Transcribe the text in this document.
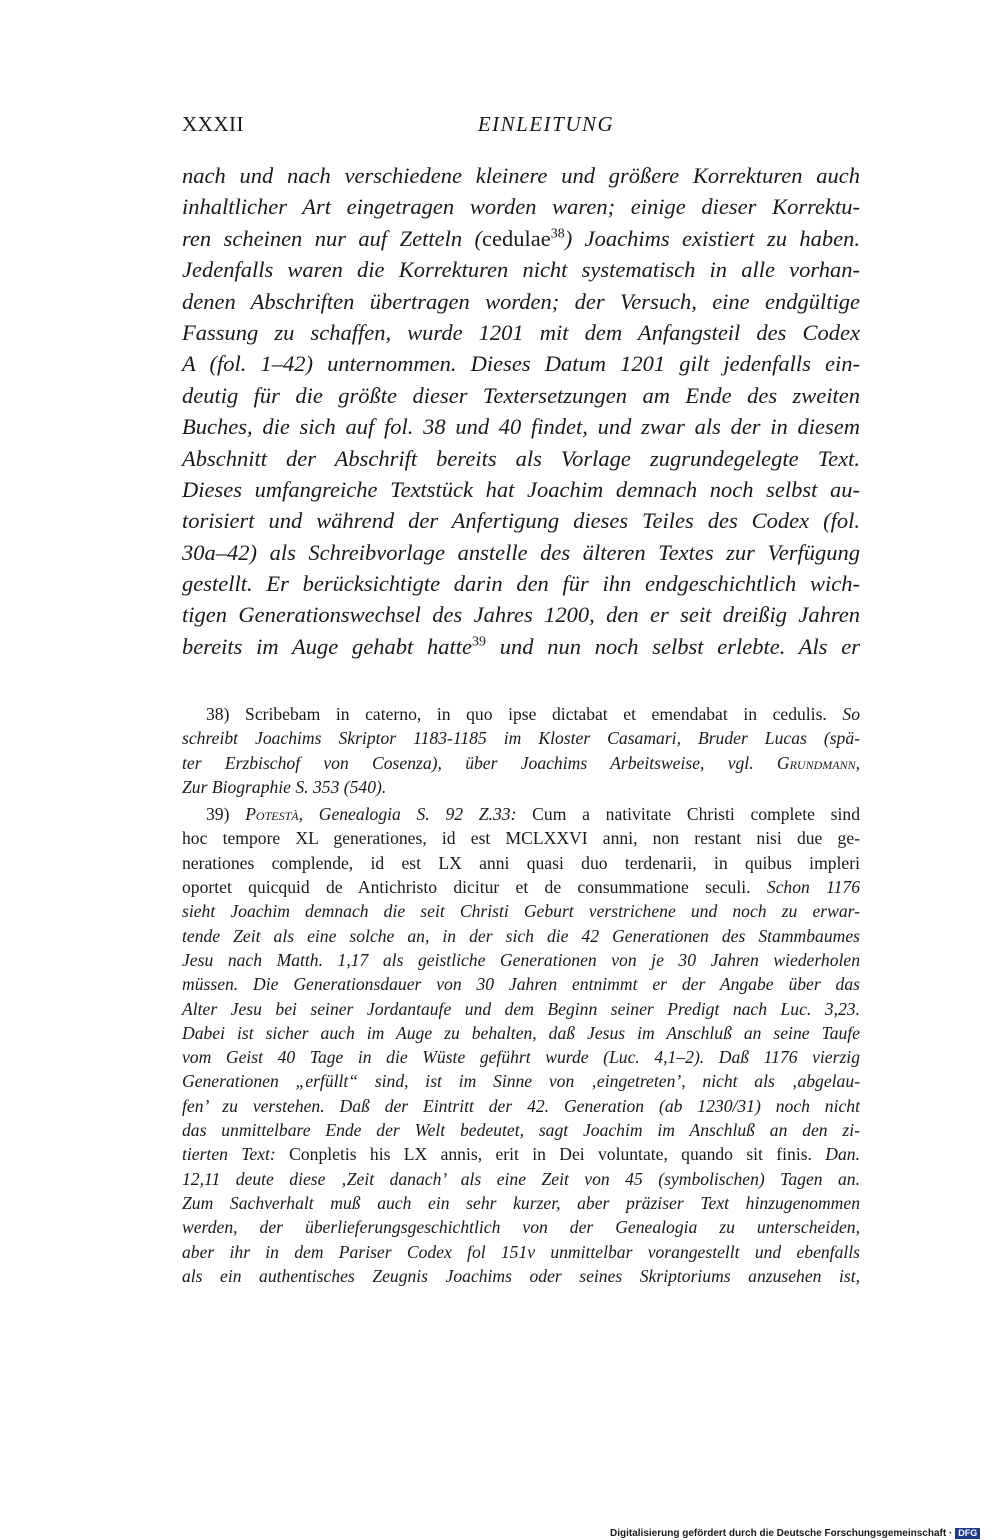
XXXII	EINLEITUNG
nach und nach verschiedene kleinere und größere Korrekturen auch
inhaltlicher Art eingetragen worden waren; einige dieser Korrektu-
ren scheinen nur auf Zetteln (cedulae$^{38}$) Joachims existiert zu haben.
Jedenfalls waren die Korrekturen nicht systematisch in alle vorhan-
denen Abschriften übertragen worden; der Versuch, eine endgültige
Fassung zu schaffen, wurde 1201 mit dem Anfangsteil des Codex
A (fol. 1–42) unternommen. Dieses Datum 1201 gilt jedenfalls ein-
deutig für die größte dieser Textersetzungen am Ende des zweiten
Buches, die sich auf fol. 38 und 40 findet, und zwar als der in diesem
Abschnitt der Abschrift bereits als Vorlage zugrundegelegte Text.
Dieses umfangreiche Textstück hat Joachim demnach noch selbst au-
torisiert und während der Anfertigung dieses Teiles des Codex (fol.
30a–42) als Schreibvorlage anstelle des älteren Textes zur Verfügung
gestellt. Er berücksichtigte darin den für ihn endgeschichtlich wich-
tigen Generationswechsel des Jahres 1200, den er seit dreißig Jahren
bereits im Auge gehabt hatte$^{39}$ und nun noch selbst erlebte. Als er
38) Scribebam in caterno, in quo ipse dictabat et emendabat in cedulis. So
schreibt Joachims Skriptor 1183-1185 im Kloster Casamari, Bruder Lucas (spä-
ter Erzbischof von Cosenza), über Joachims Arbeitsweise, vgl. Grundmann,
Zur Biographie S. 353 (540).
39) Potestà, Genealogia S. 92 Z.33: Cum a nativitate Christi complete sind
hoc tempore XL generationes, id est MCLXXVI anni, non restant nisi due ge-
nerationes complende, id est LX anni quasi duo terdenarii, in quibus impleri
oportet quicquid de Antichristo dicitur et de consummatione seculi. Schon 1176
sieht Joachim demnach die seit Christi Geburt verstrichene und noch zu erwar-
tende Zeit als eine solche an, in der sich die 42 Generationen des Stammbaumes
Jesu nach Matth. 1,17 als geistliche Generationen von je 30 Jahren wiederholen
müssen. Die Generationsdauer von 30 Jahren entnimmt er der Angabe über das
Alter Jesu bei seiner Jordantaufe und dem Beginn seiner Predigt nach Luc. 3,23.
Dabei ist sicher auch im Auge zu behalten, daß Jesus im Anschluß an seine Taufe
vom Geist 40 Tage in die Wüste geführt wurde (Luc. 4,1–2). Daß 1176 vierzig
Generationen „erfüllt“ sind, ist im Sinne von ‚eingetreten’, nicht als ‚abgelau-
fen’ zu verstehen. Daß der Eintritt der 42. Generation (ab 1230/31) noch nicht
das unmittelbare Ende der Welt bedeutet, sagt Joachim im Anschluß an den zi-
tierten Text: Conpletis his LX annis, erit in Dei voluntate, quando sit finis. Dan.
12,11 deute diese ‚Zeit danach’ als eine Zeit von 45 (symbolischen) Tagen an.
Zum Sachverhalt muß auch ein sehr kurzer, aber präziser Text hinzugenommen
werden, der überlieferungsgeschichtlich von der Genealogia zu unterscheiden,
aber ihr in dem Pariser Codex fol 151v unmittelbar vorangestellt und ebenfalls
als ein authentisches Zeugnis Joachims oder seines Skriptoriums anzusehen ist,
Digitalisierung gefördert durch die Deutsche Forschungsgemeinschaft · DFG
